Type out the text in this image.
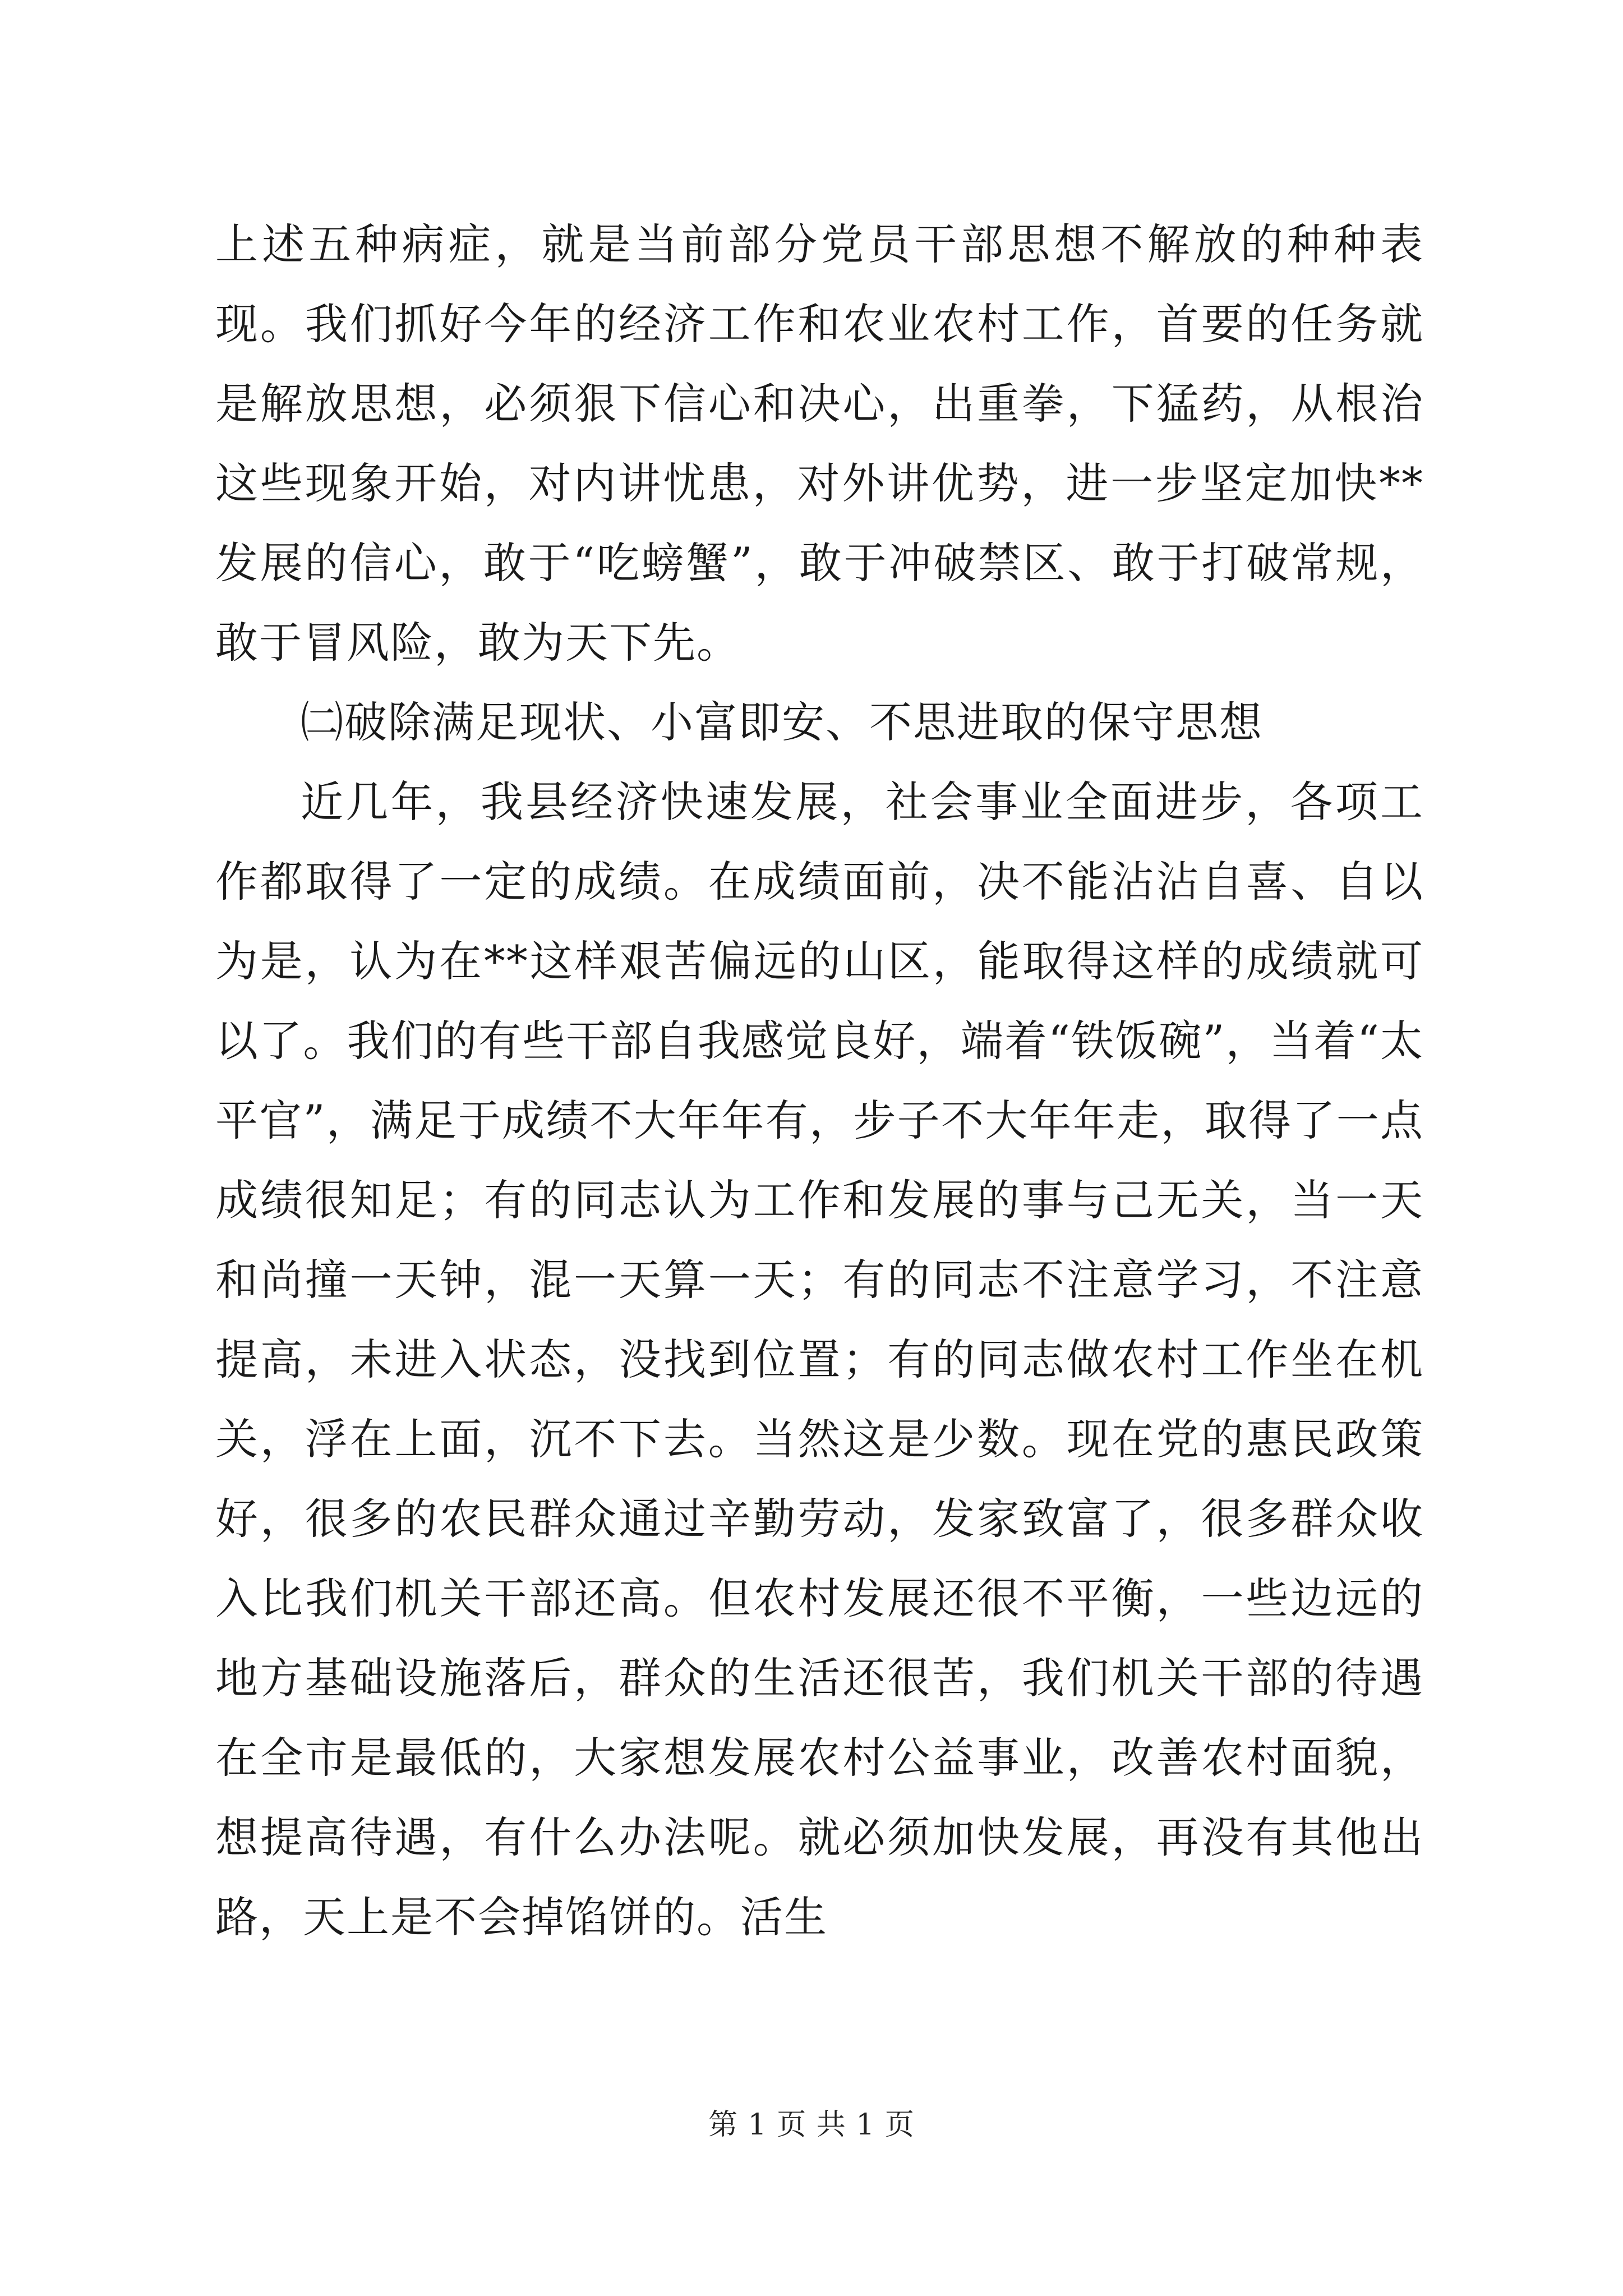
上述五种病症，就是当前部分党员干部思想不解放的种种表现。我们抓好今年的经济工作和农业农村工作，首要的任务就是解放思想，必须狠下信心和决心，出重拳，下猛药，从根治这些现象开始，对内讲忧患，对外讲优势，进一步坚定加快**发展的信心，敢于“吃螃蟹”，敢于冲破禁区、敢于打破常规，敢于冒风险，敢为天下先。

㈡破除满足现状、小富即安、不思进取的保守思想

近几年，我县经济快速发展，社会事业全面进步，各项工作都取得了一定的成绩。在成绩面前，决不能沾沾自喜、自以为是，认为在**这样艰苦偏远的山区，能取得这样的成绩就可以了。我们的有些干部自我感觉良好，端着“铁饭碗”，当着“太平官”，满足于成绩不大年年有，步子不大年年走，取得了一点成绩很知足；有的同志认为工作和发展的事与己无关，当一天和尚撞一天钟，混一天算一天；有的同志不注意学习，不注意提高，未进入状态，没找到位置；有的同志做农村工作坐在机关，浮在上面，沉不下去。当然这是少数。现在党的惠民政策好，很多的农民群众通过辛勤劳动，发家致富了，很多群众收入比我们机关干部还高。但农村发展还很不平衡，一些边远的地方基础设施落后，群众的生活还很苦，我们机关干部的待遇在全市是最低的，大家想发展农村公益事业，改善农村面貌，想提高待遇，有什么办法呢。就必须加快发展，再没有其他出路，天上是不会掉馅饼的。活生

第 1 页 共 1 页
